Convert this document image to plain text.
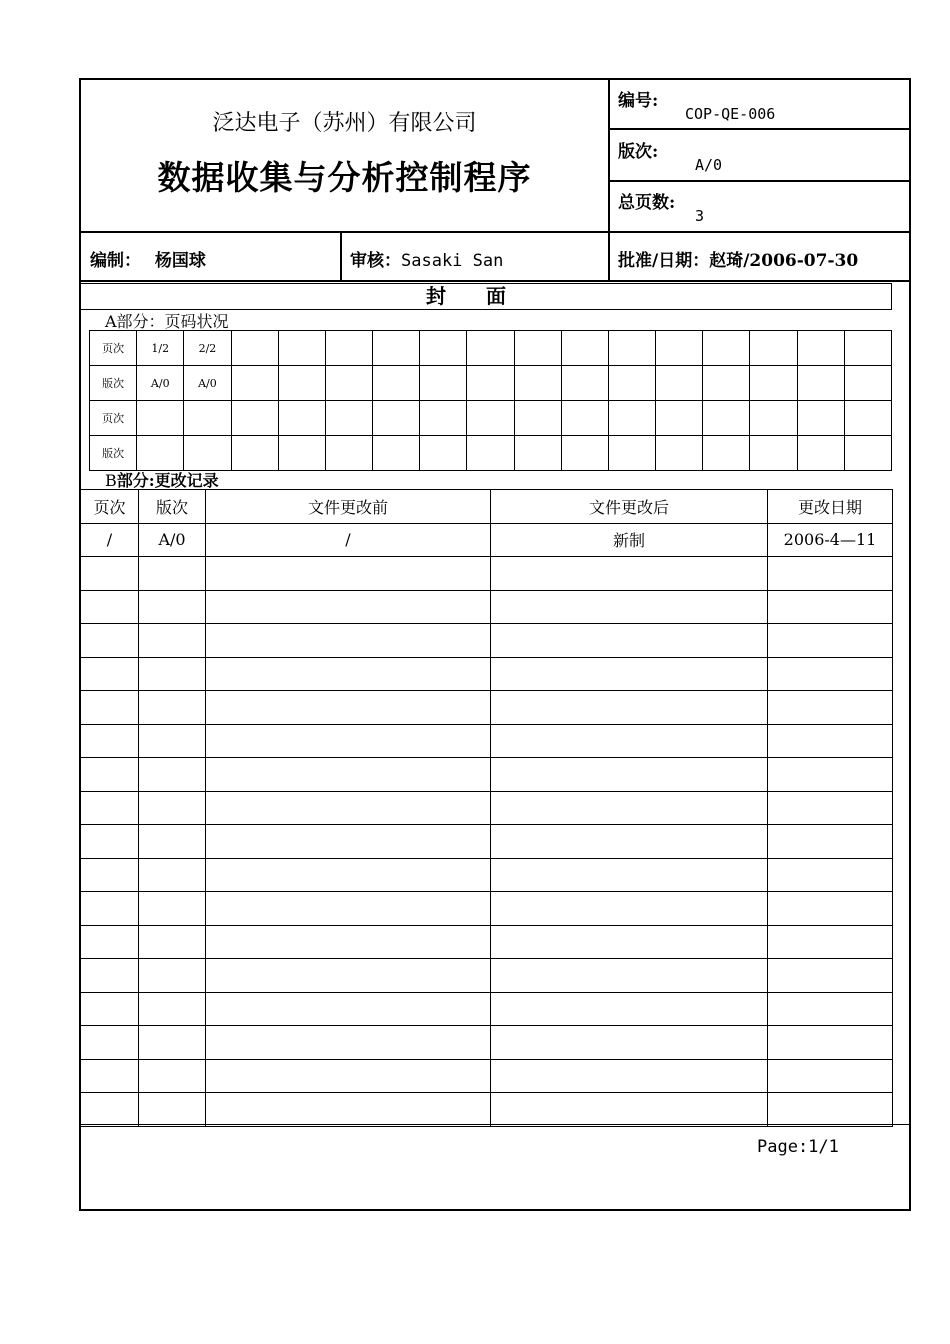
泛达电子（苏州）有限公司
数据收集与分析控制程序
编号:
COP-QE-006
版次:
A/0
总页数:
3
编制： 杨国球	审核：Sasaki San	批准/日期：赵琦/2006-07-30
封面
A部分：页码状况
页次	1/2	2/2														
版次	A/0	A/0														
页次																
版次																
B部分:更改记录
页次	版次	文件更改前	文件更改后	更改日期
/	A/0	/	新制	2006-4—11

Page:1/1
